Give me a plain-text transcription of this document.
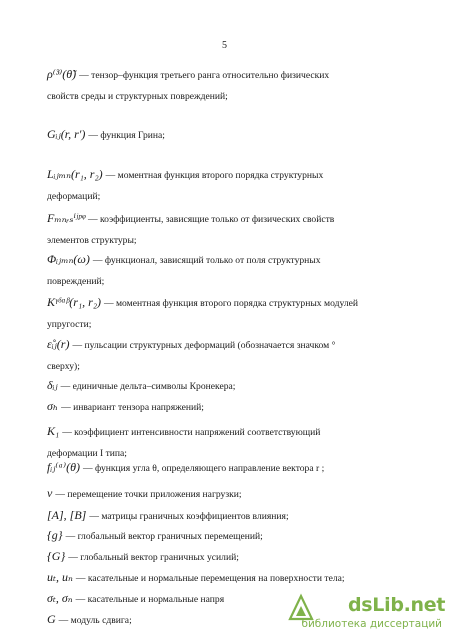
5
ρ⁽³⁾(θ̃) — тензор–функция третьего ранга относительно физических
свойств среды и структурных повреждений;
Gᵢⱼ(r, r′) — функция Грина;
Lᵢⱼₘₙ(r₁, r₂) — моментная функция второго порядка структурных
деформаций;
Fₘₙᵣₛⁱʲᵖᵠ — коэффициенты, зависящие только от физических свойств
элементов структуры;
Φᵢⱼₘₙ(ω) — функционал, зависящий только от поля структурных
повреждений;
Kᵞᵟᵅᵝ(r₁, r₂) — моментная функция второго порядка структурных модулей
упругости;
ε̊ᵢⱼ(r) — пульсации структурных деформаций (обозначается значком °
сверху);
δᵢⱼ — единичные дельта–символы Кронекера;
σₕ — инвариант тензора напряжений;
K₁ — коэффициент интенсивности напряжений соответствующий
деформации I типа;
fᵢⱼ⁽ᵃ⁾(θ) — функция угла θ, определяющего направление вектора r ;
v — перемещение точки приложения нагрузки;
[A], [B] — матрицы граничных коэффициентов влияния;
{g} — глобальный вектор граничных перемещений;
{G} — глобальный вектор граничных усилий;
uₜ, uₙ — касательные и нормальные перемещения на поверхности тела;
σₜ, σₙ — касательные и нормальные напря
G — модуль сдвига;
dsLib.net
библиотека диссертаций
